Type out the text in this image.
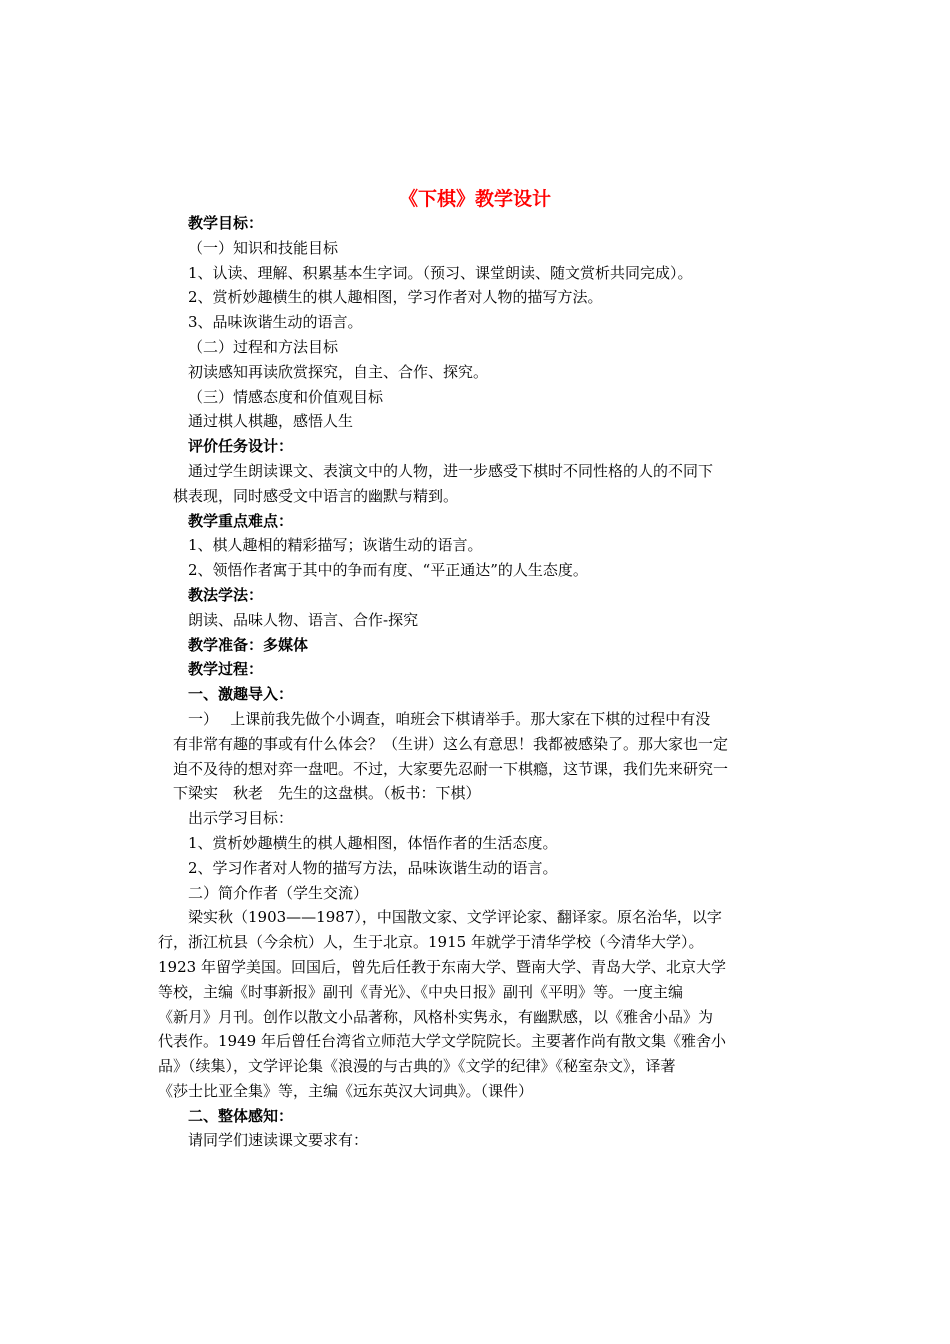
《下棋》教学设计
教学目标：
（一）知识和技能目标
1、认读、理解、积累基本生字词。（预习、课堂朗读、随文赏析共同完成）。
2、赏析妙趣横生的棋人趣相图，学习作者对人物的描写方法。
3、品味诙谐生动的语言。
（二）过程和方法目标
初读感知再读欣赏探究，自主、合作、探究。
（三）情感态度和价值观目标
通过棋人棋趣，感悟人生
评价任务设计：
通过学生朗读课文、表演文中的人物，进一步感受下棋时不同性格的人的不同下
棋表现，同时感受文中语言的幽默与精到。
教学重点难点：
1、棋人趣相的精彩描写；诙谐生动的语言。
2、领悟作者寓于其中的争而有度、“平正通达”的人生态度。
教法学法：
朗读、品味人物、语言、合作-探究
教学准备：多媒体
教学过程：
一、激趣导入：
一）　 上课前我先做个小调查，咱班会下棋请举手。那大家在下棋的过程中有没
有非常有趣的事或有什么体会？（生讲）这么有意思！我都被感染了。那大家也一定
迫不及待的想对弈一盘吧。不过，大家要先忍耐一下棋瘾，这节课，我们先来研究一
下梁实　秋老　先生的这盘棋。（板书：下棋）
出示学习目标：
1、赏析妙趣横生的棋人趣相图，体悟作者的生活态度。
2、学习作者对人物的描写方法，品味诙谐生动的语言。
二）简介作者（学生交流）
梁实秋（1903——1987），中国散文家、文学评论家、翻译家。原名治华，以字
行，浙江杭县（今余杭）人，生于北京。1915 年就学于清华学校（今清华大学）。
1923 年留学美国。回国后，曾先后任教于东南大学、暨南大学、青岛大学、北京大学
等校，主编《时事新报》副刊《青光》、《中央日报》副刊《平明》等。一度主编
《新月》月刊。创作以散文小品著称，风格朴实隽永，有幽默感，以《雅舍小品》为
代表作。1949 年后曾任台湾省立师范大学文学院院长。主要著作尚有散文集《雅舍小
品》（续集），文学评论集《浪漫的与古典的》《文学的纪律》《秘室杂文》，译著
《莎士比亚全集》等，主编《远东英汉大词典》。（课件）
二、整体感知：
请同学们速读课文要求有：
